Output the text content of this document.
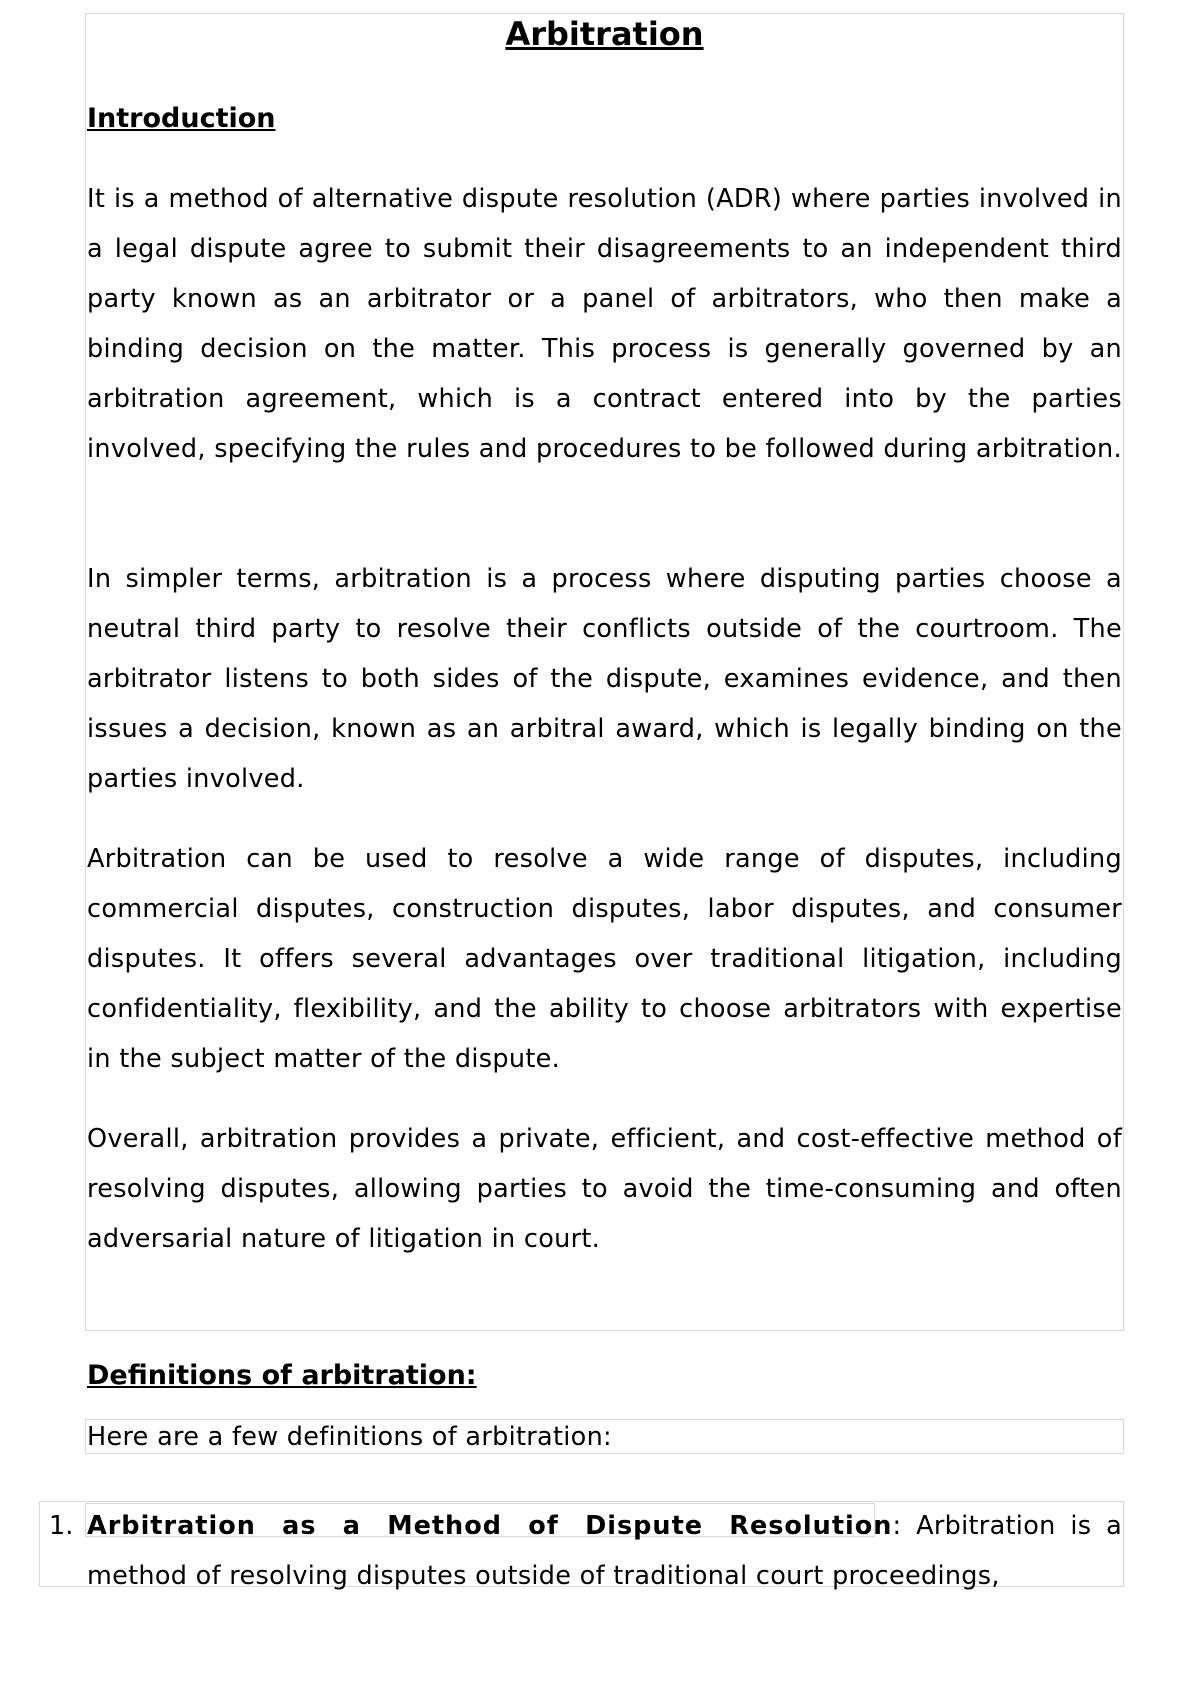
Arbitration
Introduction

It is a method of alternative dispute resolution (ADR) where parties involved in a legal dispute agree to submit their disagreements to an independent third party known as an arbitrator or a panel of arbitrators, who then make a binding decision on the matter. This process is generally governed by an arbitration agreement, which is a contract entered into by the parties involved, specifying the rules and procedures to be followed during arbitration.

In simpler terms, arbitration is a process where disputing parties choose a neutral third party to resolve their conflicts outside of the courtroom. The arbitrator listens to both sides of the dispute, examines evidence, and then issues a decision, known as an arbitral award, which is legally binding on the parties involved.

Arbitration can be used to resolve a wide range of disputes, including commercial disputes, construction disputes, labor disputes, and consumer disputes. It offers several advantages over traditional litigation, including confidentiality, flexibility, and the ability to choose arbitrators with expertise in the subject matter of the dispute.

Overall, arbitration provides a private, efficient, and cost-effective method of resolving disputes, allowing parties to avoid the time-consuming and often adversarial nature of litigation in court.

Definitions of arbitration:

Here are a few definitions of arbitration:

1. Arbitration as a Method of Dispute Resolution: Arbitration is a method of resolving disputes outside of traditional court proceedings,
